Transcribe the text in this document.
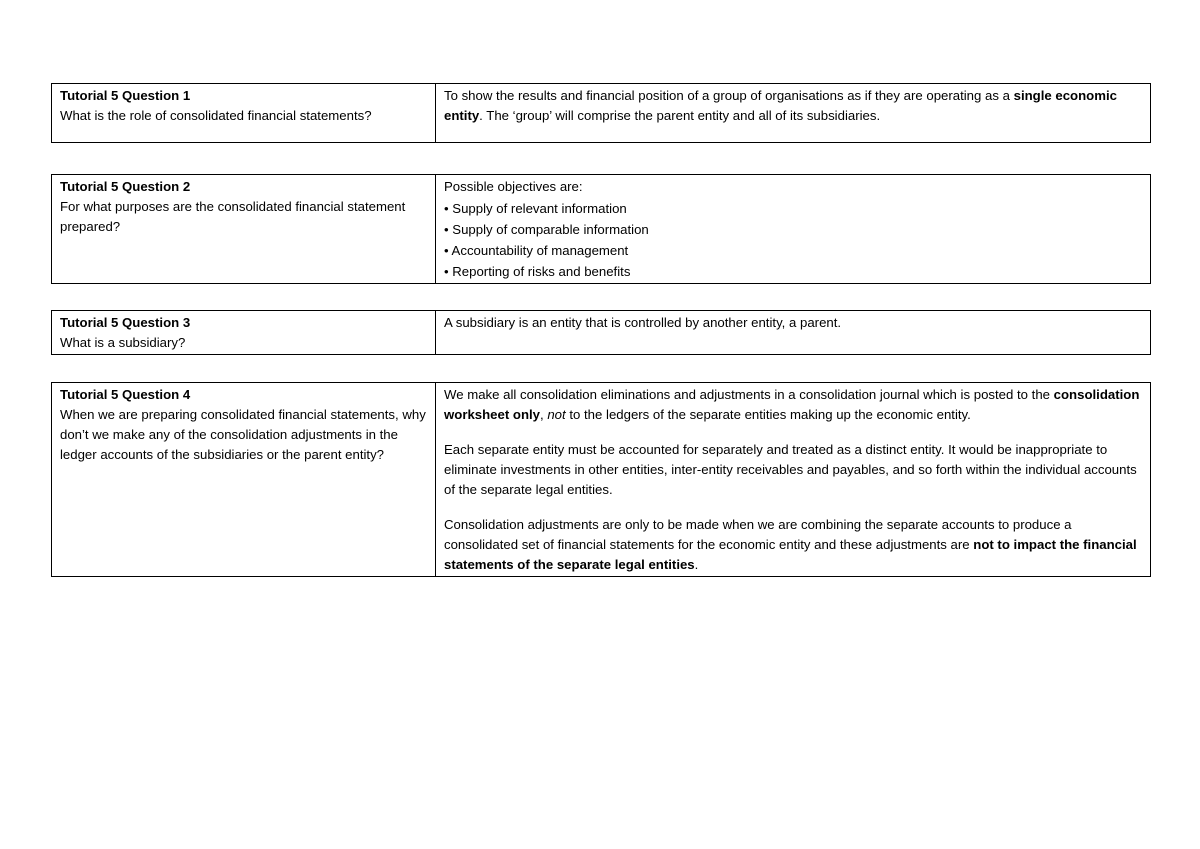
Tutorial 5 Question 1
What is the role of consolidated financial statements?

To show the results and financial position of a group of organisations as if they are operating as a single economic entity. The ‘group’ will comprise the parent entity and all of its subsidiaries.
Tutorial 5 Question 2
For what purposes are the consolidated financial statement prepared?

Possible objectives are:
• Supply of relevant information
• Supply of comparable information
• Accountability of management
• Reporting of risks and benefits
Tutorial 5 Question 3
What is a subsidiary?

A subsidiary is an entity that is controlled by another entity, a parent.
Tutorial 5 Question 4
When we are preparing consolidated financial statements, why don’t we make any of the consolidation adjustments in the ledger accounts of the subsidiaries or the parent entity?

We make all consolidation eliminations and adjustments in a consolidation journal which is posted to the consolidation worksheet only, not to the ledgers of the separate entities making up the economic entity.
Each separate entity must be accounted for separately and treated as a distinct entity. It would be inappropriate to eliminate investments in other entities, inter-entity receivables and payables, and so forth within the individual accounts of the separate legal entities.
Consolidation adjustments are only to be made when we are combining the separate accounts to produce a consolidated set of financial statements for the economic entity and these adjustments are not to impact the financial statements of the separate legal entities.
